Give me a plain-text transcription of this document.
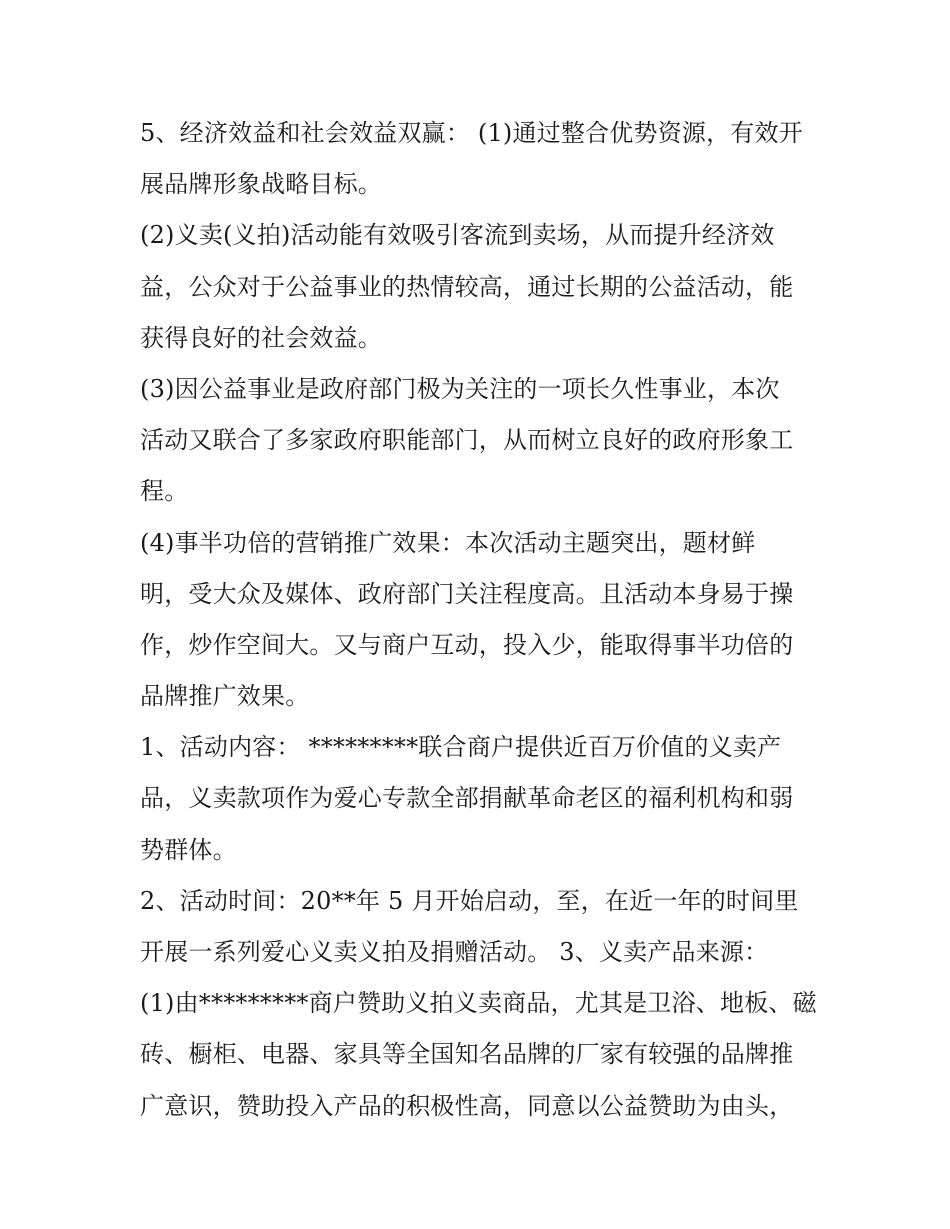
5、经济效益和社会效益双赢： (1)通过整合优势资源，有效开
展品牌形象战略目标。
(2)义卖(义拍)活动能有效吸引客流到卖场，从而提升经济效
益，公众对于公益事业的热情较高，通过长期的公益活动，能
获得良好的社会效益。
(3)因公益事业是政府部门极为关注的一项长久性事业，本次
活动又联合了多家政府职能部门，从而树立良好的政府形象工
程。
(4)事半功倍的营销推广效果：本次活动主题突出，题材鲜
明，受大众及媒体、政府部门关注程度高。且活动本身易于操
作，炒作空间大。又与商户互动，投入少，能取得事半功倍的
品牌推广效果。
1、活动内容： *********联合商户提供近百万价值的义卖产
品，义卖款项作为爱心专款全部捐献革命老区的福利机构和弱
势群体。
2、活动时间：20**年 5 月开始启动，至，在近一年的时间里
开展一系列爱心义卖义拍及捐赠活动。 3、义卖产品来源：
(1)由*********商户赞助义拍义卖商品，尤其是卫浴、地板、磁
砖、橱柜、电器、家具等全国知名品牌的厂家有较强的品牌推
广意识，赞助投入产品的积极性高，同意以公益赞助为由头，
